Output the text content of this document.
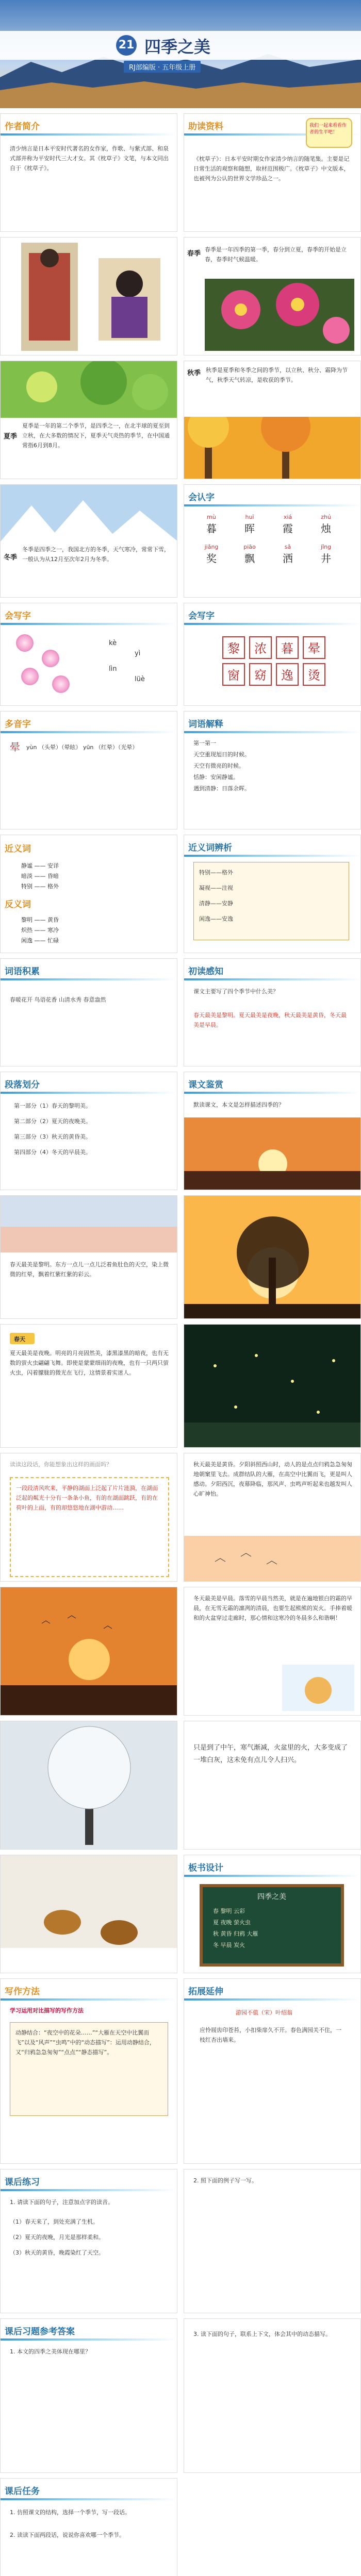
21 四季之美
RJ部编版 · 五年级上册
作者简介
清少纳言是日本平安时代著名的女作家，作歌、与紫式部、和泉式部并称为平安时代三大才女。其《枕草子》文笔，与本文同出自于《枕草子》。
助读资料	我们一起来看看作者的生平吧！
《枕草子》：日本平安时期女作家清少纳言的随笔集。主要是记日常生活的观察和随想，取材范围极广。《枕草子》中文版本，也被列为公认的世界文学珍品之一。
春季
春季是一年四季的第一季，春分到立夏，春季的开始是立春，春季时气候温暖。
夏季
夏季是一年的第二个季节，是四季之一，在北半球的夏至到立秋，在大多数的情况下，夏季天气炎热的季节，在中国通常指6月到8月。
秋季 秋季是夏季和冬季之间的季节，以立秋、秋分、霜降为节气，秋季天气转凉，是收获的季节。
冬季
冬季是四季之一，我国北方的冬季，天气寒冷，常常下雪，一般认为从12月至次年2月为冬季。
会认字
mù
暮
huī
晖
xiá
霞
zhú
烛
jiǎng
奖
piāo
飘
sǎ
洒
jǐng
井
会写字
kè
yì
lìn
lüè
会写字
黎 浓 暮 晕窗 窈 逸 烫
多音字
晕 yùn （头晕）（晕眩） yūn （红晕）（光晕）
词语解释
第一第一
天空重现旭日的时候。
天空有微亮的时候。
恬静：安闲静谧。
遇到清静：日落余晖。
近义词
静谧 —— 安详
暗淡 —— 昏暗
特别 —— 格外
反义词
黎明 —— 黄昏
炽热 —— 寒冷
闲逸 —— 忙碌
近义词辨析
特别——格外
凝视——注视
清静——安静
闲逸——安逸
词语积累
春暖花开 鸟语花香 山清水秀 春意盎然
初读感知
课文主要写了四个季节中什么美？
春天最美是黎明。夏天最美是夜晚，秋天最美是黄昏，冬天最美是早晨。
段落划分
第一部分（1）春天的黎明美。
第二部分（2）夏天的夜晚美。
第三部分（3）秋天的黄昏美。
第四部分（4）冬天的早晨美。
课文鉴赏
默读课文，本文是怎样描述四季的？
春天最美是黎明。东方一点儿一点儿泛着鱼肚色的天空，染上微微的红晕，飘着红紫红紫的彩云。
春天
夏天最美是夜晚。明亮的月亮固然美，漆黑漆黑的暗夜，也有无数的萤火虫翩翩飞舞。即使是蒙蒙细雨的夜晚，也有一只两只萤火虫，闪着朦胧的微光在飞行，这情景着实迷人。
读读这段话，你能想象出这样的画面吗？
一段段清风吹来，平静的湖面上泛起了片片涟漪，在湖面泛起的粼光十分有一条条小鱼，有的在湖面跳跃，有的在荷叶的上面，有的却悠悠地在湖中游动……
秋天最美是黄昏。夕阳斜照西山时，动人的是点点归鸦急急匆匆地朝窠里飞去。成群结队的大雁，在高空中比翼而飞，更是叫人感动。夕阳西沉，夜幕降临，那风声、虫鸣声听起来也越发叫人心旷神怡。
冬天最美是早晨。落雪的早晨当然美，就是在遍地银白的霜的早晨，在无雪无霜的凛冽的清晨，也要生起熊熊的炭火。手捧着暖和的火盆穿过走廊时，那心情和这寒冷的冬晨多么和谐啊！
只是到了中午，寒气渐减，火盆里的火，大多变成了一堆白灰，这未免有点儿令人扫兴。
板书设计
四季之美
春 黎明 云彩
夏 夜晚 萤火虫
秋 黄昏 归鸦 大雁
冬 早晨 炭火
写作方法
学习运用对比描写的写作方法
动静结合：“夜空中的花朵……”“大雁在天空中比翼而飞”以及“风声”“虫鸣”中的“动态描写”：运用动静结合，又“归鸦急急匆匆”“点点”“静态描写”。
拓展延伸
游园不值（宋）叶绍翁
应怜屐齿印苍苔，小扣柴扉久不开。春色满园关不住，一枝红杏出墙来。
课后练习
1. 请读下面的句子，注意加点字的读音。
（1）春天来了，到处充满了生机。
（2）夏天的夜晚，月光是那样柔和。
（3）秋天的黄昏，晚霞染红了天空。
2. 照下面的例子写一写。
课后习题参考答案
1. 本文的四季之美体现在哪里？
3. 读下面的句子，联系上下文，体会其中的动态描写。
课后任务
1. 仿照课文的结构，选择一个季节，写一段话。
2. 读读下面两段话，说说你喜欢哪一个季节。
